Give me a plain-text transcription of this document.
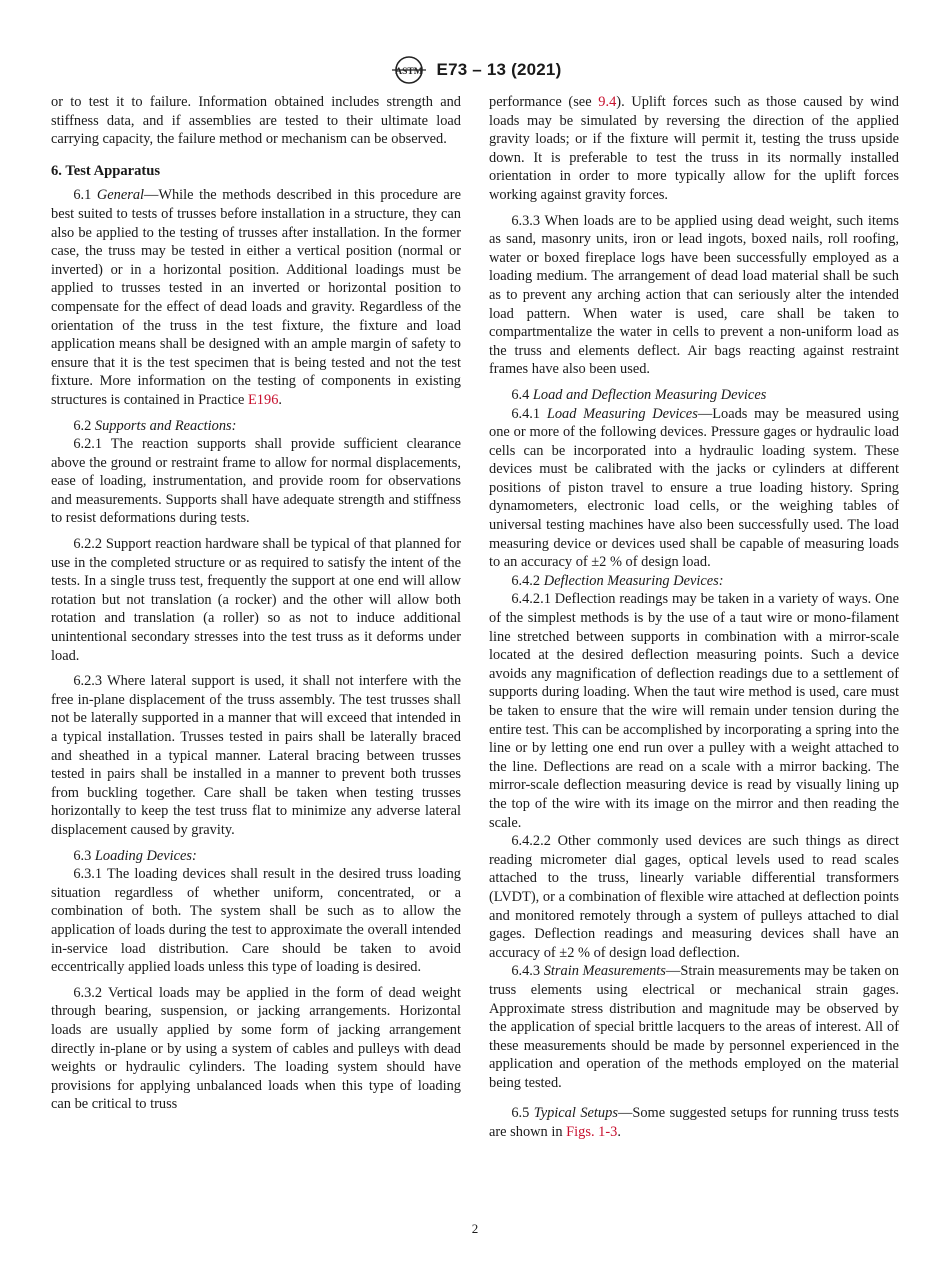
ASTM E73 – 13 (2021)

or to test it to failure. Information obtained includes strength and stiffness data, and if assemblies are tested to their ultimate load carrying capacity, the failure method or mechanism can be observed.

6. Test Apparatus

6.1 General—While the methods described in this procedure are best suited to tests of trusses before installation in a structure, they can also be applied to the testing of trusses after installation. In the former case, the truss may be tested in either a vertical position (normal or inverted) or in a horizontal position. Additional loadings must be applied to trusses tested in an inverted or horizontal position to compensate for the effect of dead loads and gravity. Regardless of the orientation of the truss in the test fixture, the fixture and load application means shall be designed with an ample margin of safety to ensure that it is the test specimen that is being tested and not the test fixture. More information on the testing of components in existing structures is contained in Practice E196.

6.2 Supports and Reactions:

6.2.1 The reaction supports shall provide sufficient clearance above the ground or restraint frame to allow for normal displacements, ease of loading, instrumentation, and provide room for observations and measurements. Supports shall have adequate strength and stiffness to resist deformations during tests.

6.2.2 Support reaction hardware shall be typical of that planned for use in the completed structure or as required to satisfy the intent of the tests. In a single truss test, frequently the support at one end will allow rotation but not translation (a rocker) and the other will allow both rotation and translation (a roller) so as not to induce additional unintentional secondary stresses into the test truss as it deforms under load.

6.2.3 Where lateral support is used, it shall not interfere with the free in-plane displacement of the truss assembly. The test trusses shall not be laterally supported in a manner that will exceed that intended in a typical installation. Trusses tested in pairs shall be laterally braced and sheathed in a typical manner. Lateral bracing between trusses tested in pairs shall be installed in a manner to prevent both trusses from buckling together. Care shall be taken when testing trusses horizontally to keep the test truss flat to minimize any adverse lateral displacement caused by gravity.

6.3 Loading Devices:

6.3.1 The loading devices shall result in the desired truss loading situation regardless of whether uniform, concentrated, or a combination of both. The system shall be such as to allow the application of loads during the test to approximate the overall intended in-service load distribution. Care should be taken to avoid eccentrically applied loads unless this type of loading is desired.

6.3.2 Vertical loads may be applied in the form of dead weight through bearing, suspension, or jacking arrangements. Horizontal loads are usually applied by some form of jacking arrangement directly in-plane or by using a system of cables and pulleys with dead weights or hydraulic cylinders. The loading system should have provisions for applying unbalanced loads when this type of loading can be critical to truss

performance (see 9.4). Uplift forces such as those caused by wind loads may be simulated by reversing the direction of the applied gravity loads; or if the fixture will permit it, testing the truss upside down. It is preferable to test the truss in its normally installed orientation in order to more typically allow for the uplift forces working against gravity forces.

6.3.3 When loads are to be applied using dead weight, such items as sand, masonry units, iron or lead ingots, boxed nails, roll roofing, water or boxed fireplace logs have been successfully employed as a loading medium. The arrangement of dead load material shall be such as to prevent any arching action that can seriously alter the intended load pattern. When water is used, care shall be taken to compartmentalize the water in cells to prevent a non-uniform load as the truss and elements deflect. Air bags reacting against restraint frames have also been used.

6.4 Load and Deflection Measuring Devices

6.4.1 Load Measuring Devices—Loads may be measured using one or more of the following devices. Pressure gages or hydraulic load cells can be incorporated into a hydraulic loading system. These devices must be calibrated with the jacks or cylinders at different positions of piston travel to ensure a true loading history. Spring dynamometers, electronic load cells, or the weighing tables of universal testing machines have also been successfully used. The load measuring device or devices used shall be capable of measuring loads to an accuracy of ±2 % of design load.

6.4.2 Deflection Measuring Devices:

6.4.2.1 Deflection readings may be taken in a variety of ways. One of the simplest methods is by the use of a taut wire or mono-filament line stretched between supports in combination with a mirror-scale located at the desired deflection measuring points. Such a device avoids any magnification of deflection readings due to a settlement of supports during loading. When the taut wire method is used, care must be taken to ensure that the wire will remain under tension during the entire test. This can be accomplished by incorporating a spring into the line or by letting one end run over a pulley with a weight attached to the line. Deflections are read on a scale with a mirror backing. The mirror-scale deflection measuring device is read by visually lining up the top of the wire with its image on the mirror and then reading the scale.

6.4.2.2 Other commonly used devices are such things as direct reading micrometer dial gages, optical levels used to read scales attached to the truss, linearly variable differential transformers (LVDT), or a combination of flexible wire attached at deflection points and monitored remotely through a system of pulleys attached to dial gages. Deflection readings and measuring devices shall have an accuracy of ±2 % of design load deflection.

6.4.3 Strain Measurements—Strain measurements may be taken on truss elements using electrical or mechanical strain gages. Approximate stress distribution and magnitude may be observed by the application of special brittle lacquers to the areas of interest. All of these measurements should be made by personnel experienced in the application and operation of the methods employed on the material being tested.

6.5 Typical Setups—Some suggested setups for running truss tests are shown in Figs. 1-3.

2
